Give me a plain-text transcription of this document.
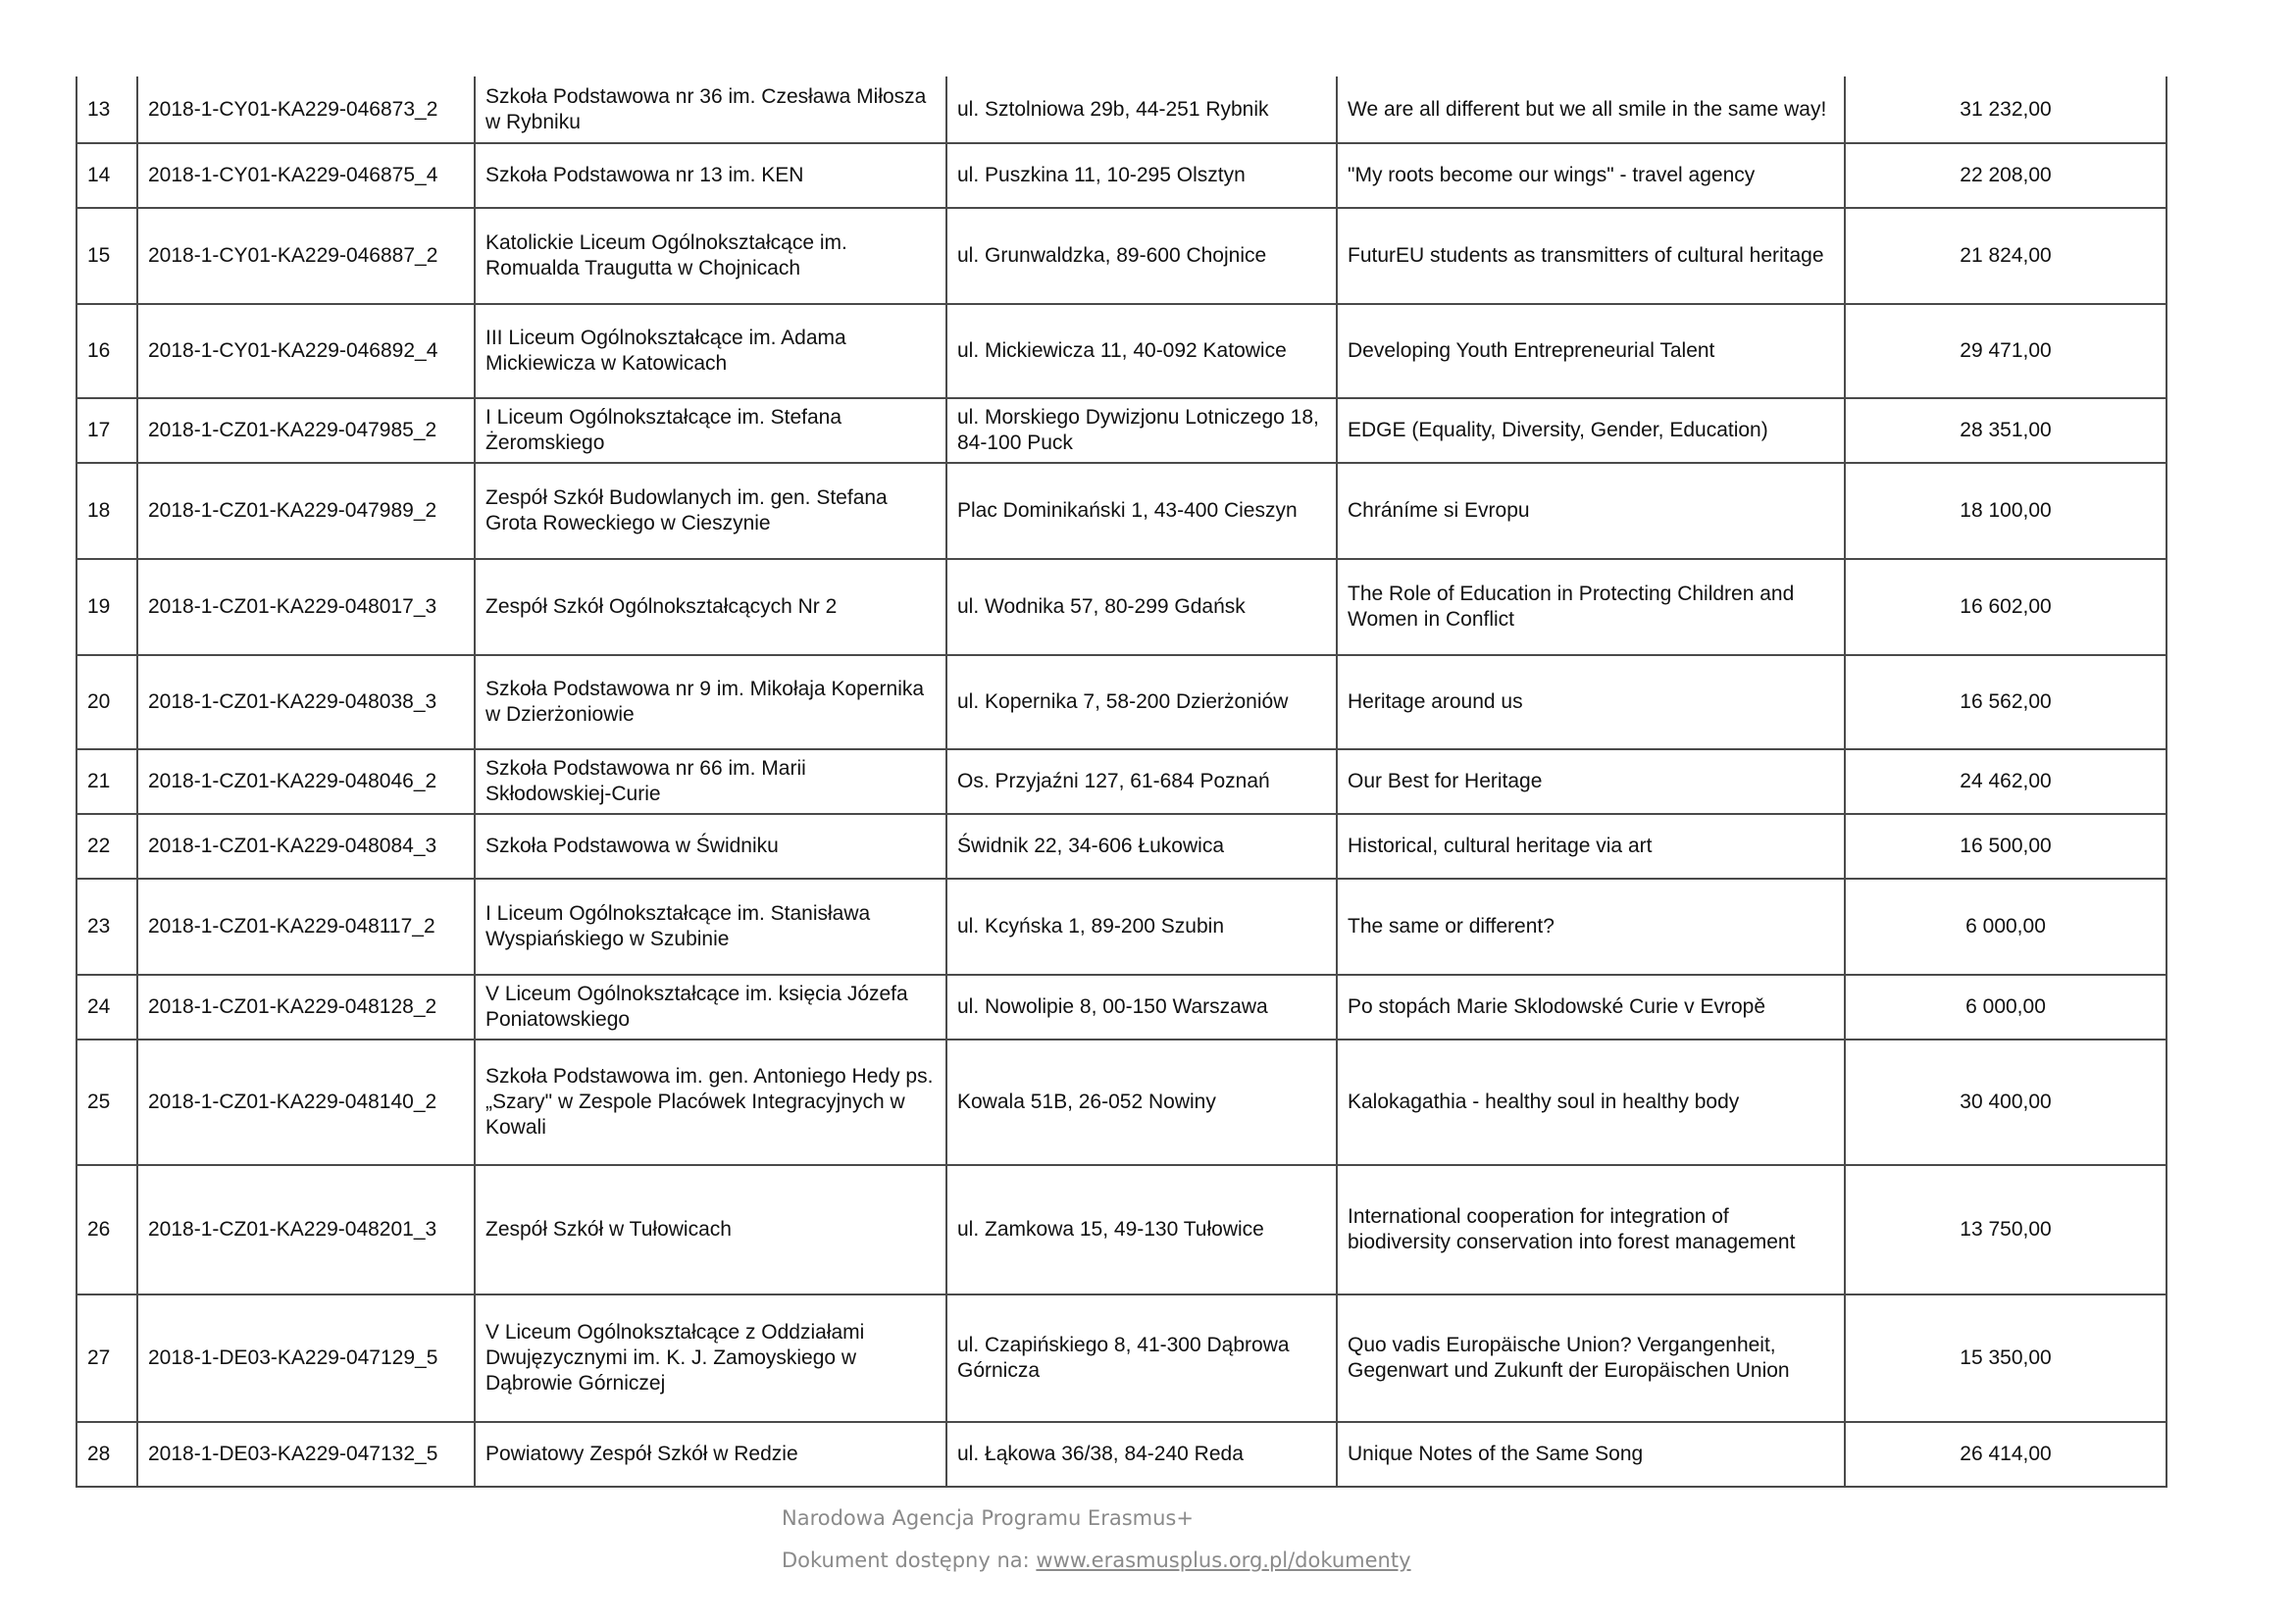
13	2018-1-CY01-KA229-046873_2	Szkoła Podstawowa nr 36 im. Czesława Miłosza w Rybniku	ul. Sztolniowa 29b, 44-251 Rybnik	We are all different but we all smile in the same way!	31 232,00
14	2018-1-CY01-KA229-046875_4	Szkoła Podstawowa nr 13 im. KEN	ul. Puszkina 11, 10-295 Olsztyn	"My roots become our wings" - travel agency	22 208,00
15	2018-1-CY01-KA229-046887_2	Katolickie Liceum Ogólnokształcące im. Romualda Traugutta w Chojnicach	ul. Grunwaldzka, 89-600 Chojnice	FuturEU students as transmitters of cultural heritage	21 824,00
16	2018-1-CY01-KA229-046892_4	III Liceum Ogólnokształcące im. Adama Mickiewicza w Katowicach	ul. Mickiewicza 11, 40-092 Katowice	Developing Youth Entrepreneurial Talent	29 471,00
17	2018-1-CZ01-KA229-047985_2	I Liceum Ogólnokształcące im. Stefana Żeromskiego	ul. Morskiego Dywizjonu Lotniczego 18, 84-100 Puck	EDGE (Equality, Diversity, Gender, Education)	28 351,00
18	2018-1-CZ01-KA229-047989_2	Zespół Szkół Budowlanych im. gen. Stefana Grota Roweckiego w Cieszynie	Plac Dominikański 1, 43-400 Cieszyn	Chráníme si Evropu	18 100,00
19	2018-1-CZ01-KA229-048017_3	Zespół Szkół Ogólnokształcących Nr 2	ul. Wodnika 57, 80-299 Gdańsk	The Role of Education in Protecting Children and Women in Conflict	16 602,00
20	2018-1-CZ01-KA229-048038_3	Szkoła Podstawowa nr 9 im. Mikołaja Kopernika w Dzierżoniowie	ul. Kopernika 7, 58-200 Dzierżoniów	Heritage around us	16 562,00
21	2018-1-CZ01-KA229-048046_2	Szkoła Podstawowa nr 66 im. Marii Skłodowskiej-Curie	Os. Przyjaźni 127, 61-684 Poznań	Our Best for Heritage	24 462,00
22	2018-1-CZ01-KA229-048084_3	Szkoła Podstawowa w Świdniku	Świdnik 22, 34-606 Łukowica	Historical, cultural heritage via art	16 500,00
23	2018-1-CZ01-KA229-048117_2	I Liceum Ogólnokształcące im. Stanisława Wyspiańskiego w Szubinie	ul. Kcyńska 1, 89-200 Szubin	The same or different?	6 000,00
24	2018-1-CZ01-KA229-048128_2	V Liceum Ogólnokształcące im. księcia Józefa Poniatowskiego	ul. Nowolipie 8, 00-150 Warszawa	Po stopách Marie Sklodowské Curie v Evropě	6 000,00
25	2018-1-CZ01-KA229-048140_2	Szkoła Podstawowa im. gen. Antoniego Hedy ps. „Szary" w Zespole Placówek Integracyjnych w Kowali	Kowala 51B, 26-052 Nowiny	Kalokagathia - healthy soul in healthy body	30 400,00
26	2018-1-CZ01-KA229-048201_3	Zespół Szkół w Tułowicach	ul. Zamkowa 15, 49-130 Tułowice	International cooperation for integration of biodiversity conservation into forest management	13 750,00
27	2018-1-DE03-KA229-047129_5	V Liceum Ogólnokształcące z Oddziałami Dwujęzycznymi im. K. J. Zamoyskiego w Dąbrowie Górniczej	ul. Czapińskiego 8, 41-300 Dąbrowa Górnicza	Quo vadis Europäische Union? Vergangenheit, Gegenwart und Zukunft der Europäischen Union	15 350,00
28	2018-1-DE03-KA229-047132_5	Powiatowy Zespół Szkół w Redzie	ul. Łąkowa 36/38, 84-240 Reda	Unique Notes of the Same Song	26 414,00
Narodowa Agencja Programu Erasmus+
Dokument dostępny na: www.erasmusplus.org.pl/dokumenty
